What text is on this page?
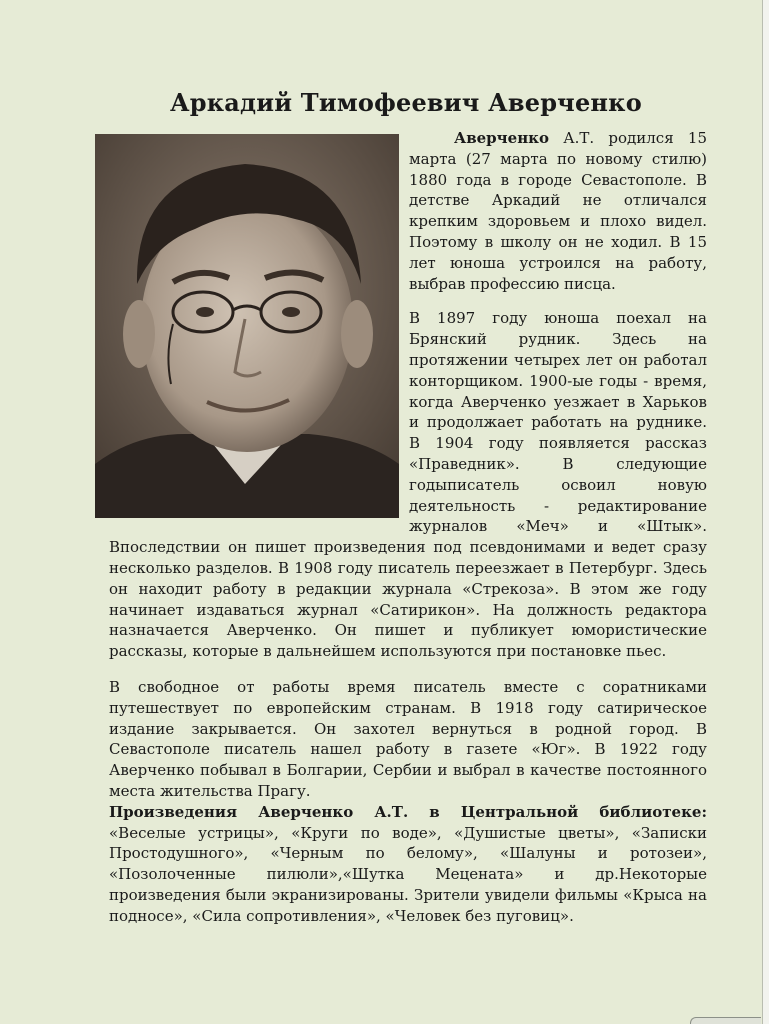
Аркадий Тимофеевич Аверченко

Аверченко А.Т. родился 15 марта (27 марта по новому стилю) 1880 года в городе Севастополе. В детстве Аркадий не отличался крепким здоровьем и плохо видел. Поэтому в школу он не ходил. В 15 лет юноша устроился на работу, выбрав профессию писца.

В 1897 году юноша поехал на Брянский рудник. Здесь на протяжении четырех лет он работал конторщиком. 1900-ые годы - время, когда Аверченко уезжает в Харьков и продолжает работать на руднике. В 1904 году появляется рассказ «Праведник». В следующие годыписатель освоил новую деятельность - редактирование журналов «Меч» и «Штык». Впоследствии он пишет произведения под псевдонимами и ведет сразу несколько разделов. В 1908 году писатель переезжает в Петербург. Здесь он находит работу в редакции журнала «Стрекоза». В этом же году начинает издаваться журнал «Сатирикон». На должность редактора назначается Аверченко. Он пишет и публикует юмористические рассказы, которые в дальнейшем используются при постановке пьес.

В свободное от работы время писатель вместе с соратниками путешествует по европейским странам. В 1918 году сатирическое издание закрывается. Он захотел вернуться в родной город. В Севастополе писатель нашел работу в газете «Юг». В 1922 году Аверченко побывал в Болгарии, Сербии и выбрал в качестве постоянного места жительства Прагу.

Произведения Аверченко А.Т. в Центральной библиотеке: «Веселые устрицы», «Круги по воде», «Душистые цветы», «Записки Простодушного», «Черным по белому», «Шалуны и ротозеи», «Позолоченные пилюли»,«Шутка Мецената» и др.Некоторые произведения были экранизированы. Зрители увидели фильмы «Крыса на подносе», «Сила сопротивления», «Человек без пуговиц».
